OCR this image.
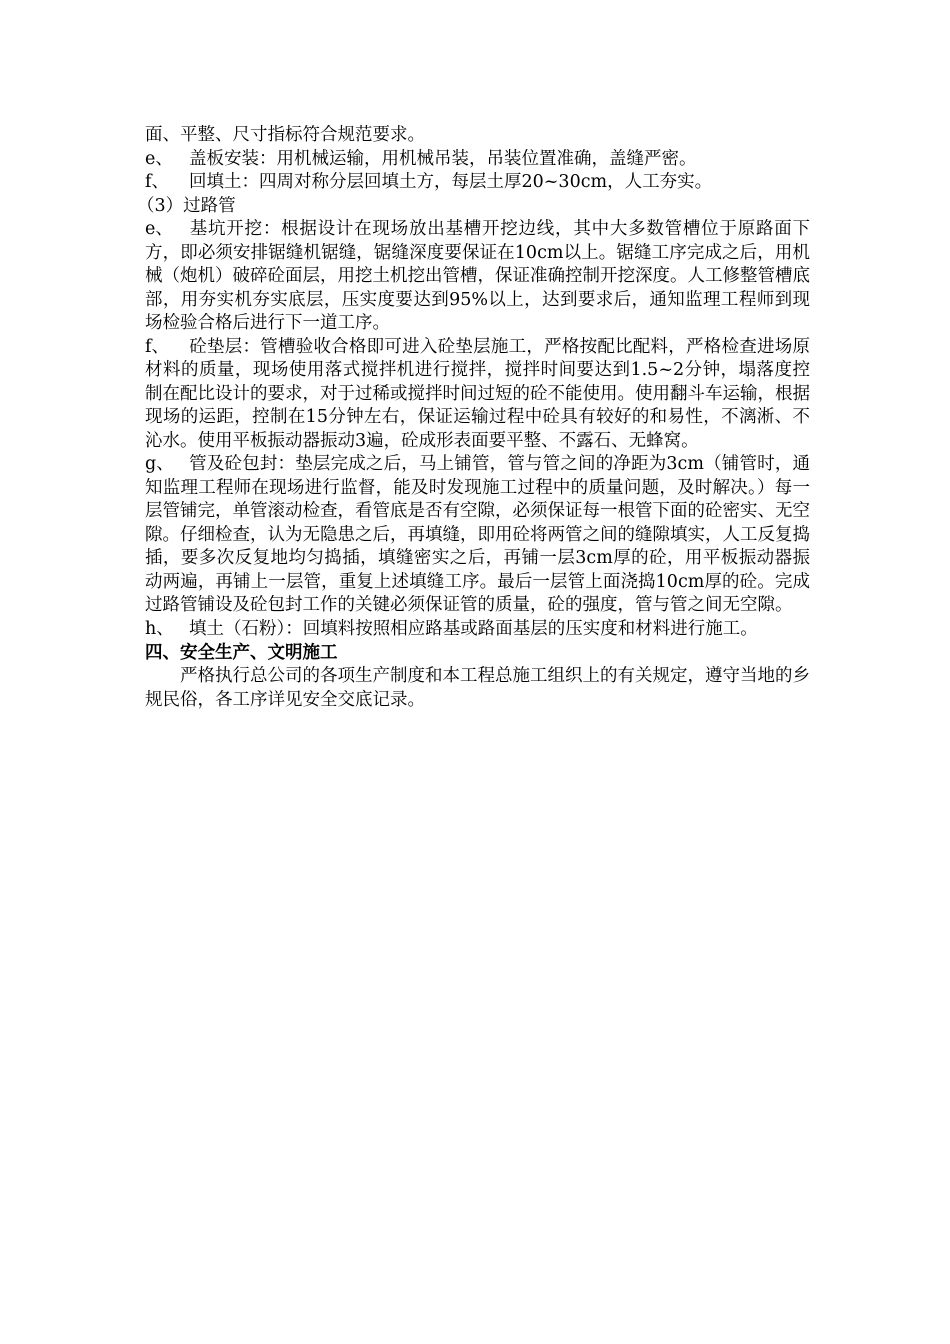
面、平整、尺寸指标符合规范要求。

e、 盖板安装：用机械运输，用机械吊装，吊装位置准确，盖缝严密。

f、 回填土：四周对称分层回填土方，每层土厚20~30cm，人工夯实。

（3）过路管

e、 基坑开挖：根据设计在现场放出基槽开挖边线，其中大多数管槽位于原路面下方，即必须安排锯缝机锯缝，锯缝深度要保证在10cm以上。锯缝工序完成之后，用机械（炮机）破碎砼面层，用挖土机挖出管槽，保证准确控制开挖深度。人工修整管槽底部，用夯实机夯实底层，压实度要达到95%以上，达到要求后，通知监理工程师到现场检验合格后进行下一道工序。

f、 砼垫层：管槽验收合格即可进入砼垫层施工，严格按配比配料，严格检查进场原材料的质量，现场使用落式搅拌机进行搅拌，搅拌时间要达到1.5~2分钟，塌落度控制在配比设计的要求，对于过稀或搅拌时间过短的砼不能使用。使用翻斗车运输，根据现场的运距，控制在15分钟左右，保证运输过程中砼具有较好的和易性，不漓淅、不沁水。使用平板振动器振动3遍，砼成形表面要平整、不露石、无蜂窝。

g、 管及砼包封：垫层完成之后，马上铺管，管与管之间的净距为3cm（铺管时，通知监理工程师在现场进行监督，能及时发现施工过程中的质量问题，及时解决。）每一层管铺完，单管滚动检查，看管底是否有空隙，必须保证每一根管下面的砼密实、无空隙。仔细检查，认为无隐患之后，再填缝，即用砼将两管之间的缝隙填实，人工反复捣插，要多次反复地均匀捣插，填缝密实之后，再铺一层3cm厚的砼，用平板振动器振动两遍，再铺上一层管，重复上述填缝工序。最后一层管上面浇捣10cm厚的砼。完成过路管铺设及砼包封工作的关键必须保证管的质量，砼的强度，管与管之间无空隙。

h、 填土（石粉）：回填料按照相应路基或路面基层的压实度和材料进行施工。

四、安全生产、文明施工

严格执行总公司的各项生产制度和本工程总施工组织上的有关规定，遵守当地的乡规民俗，各工序详见安全交底记录。
